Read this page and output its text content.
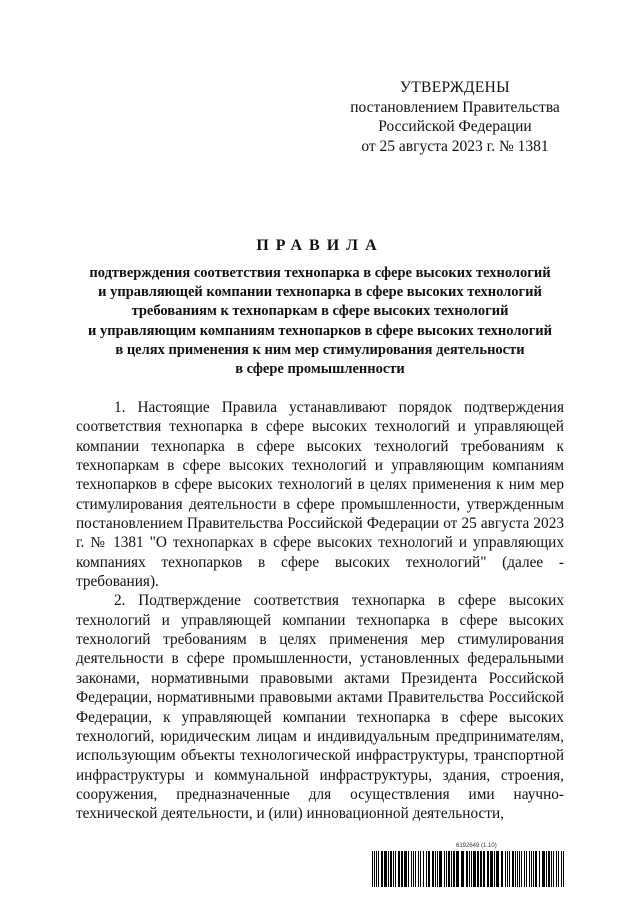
УТВЕРЖДЕНЫ
постановлением Правительства
Российской Федерации
от 25 августа 2023 г. № 1381
ПРАВИЛА
подтверждения соответствия технопарка в сфере высоких технологий
и управляющей компании технопарка в сфере высоких технологий
требованиям к технопаркам в сфере высоких технологий
и управляющим компаниям технопарков в сфере высоких технологий
в целях применения к ним мер стимулирования деятельности
в сфере промышленности

1. Настоящие Правила устанавливают порядок подтверждения соответствия технопарка в сфере высоких технологий и управляющей компании технопарка в сфере высоких технологий требованиям к технопаркам в сфере высоких технологий и управляющим компаниям технопарков в сфере высоких технологий в целях применения к ним мер стимулирования деятельности в сфере промышленности, утвержденным постановлением Правительства Российской Федерации от 25 августа 2023 г. № 1381 "О технопарках в сфере высоких технологий и управляющих компаниях технопарков в сфере высоких технологий" (далее - требования).

2. Подтверждение соответствия технопарка в сфере высоких технологий и управляющей компании технопарка в сфере высоких технологий требованиям в целях применения мер стимулирования деятельности в сфере промышленности, установленных федеральными законами, нормативными правовыми актами Президента Российской Федерации, нормативными правовыми актами Правительства Российской Федерации, к управляющей компании технопарка в сфере высоких технологий, юридическим лицам и индивидуальным предпринимателям, использующим объекты технологической инфраструктуры, транспортной инфраструктуры и коммунальной инфраструктуры, здания, строения, сооружения, предназначенные для осуществления ими научно-технической деятельности, и (или) инновационной деятельности,

6192649 (1.10)
